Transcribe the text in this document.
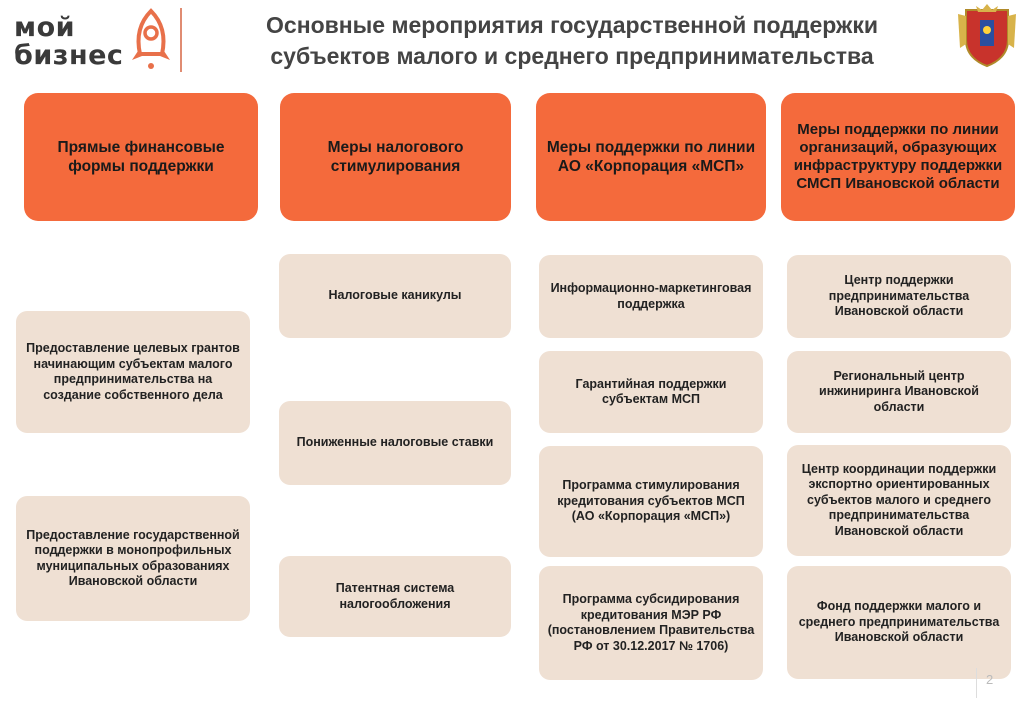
мой
бизнес
Основные мероприятия государственной поддержки
субъектов малого и среднего предпринимательства
Прямые финансовые формы поддержки
Меры налогового стимулирования
Меры поддержки по линии АО «Корпорация «МСП»
Меры поддержки по линии организаций, образующих инфраструктуру поддержки СМСП Ивановской области
Предоставление целевых грантов начинающим субъектам малого предпринимательства на создание собственного дела
Предоставление государственной поддержки в монопрофильных муниципальных образованиях Ивановской области
Налоговые каникулы
Пониженные налоговые ставки
Патентная система налогообложения
Информационно-маркетинговая поддержка
Гарантийная поддержки субъектам МСП
Программа стимулирования кредитования субъектов МСП (АО «Корпорация «МСП»)
Программа субсидирования кредитования МЭР РФ (постановлением Правительства РФ от 30.12.2017 № 1706)
Центр поддержки предпринимательства Ивановской области
Региональный центр инжиниринга Ивановской области
Центр координации поддержки экспортно ориентированных субъектов малого и среднего предпринимательства Ивановской области
Фонд поддержки малого и среднего предпринимательства Ивановской области
2
